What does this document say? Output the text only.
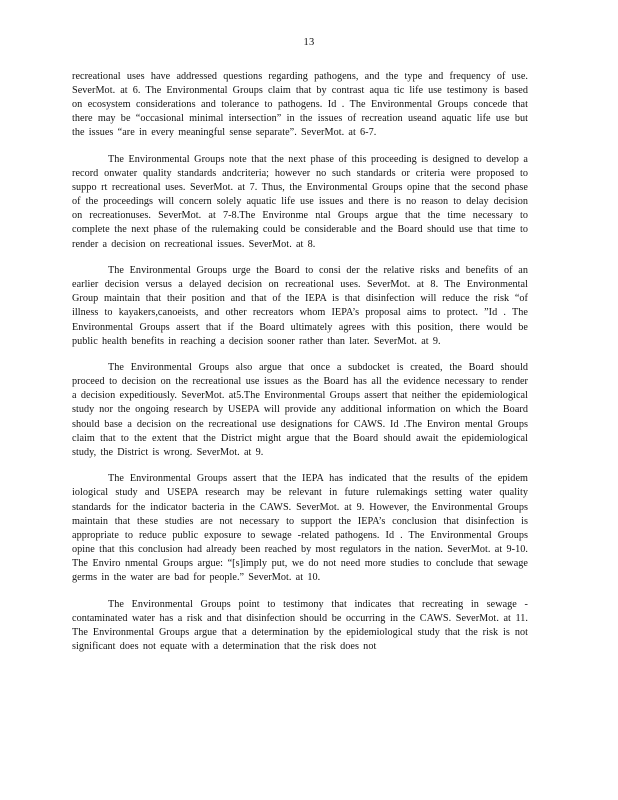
13

recreational uses have addressed questions regarding pathogens, and the type and frequency of use. SeverMot. at 6. The Environmental Groups claim that by contrast aqua tic life use testimony is based on ecosystem considerations and tolerance to pathogens. Id . The Environmental Groups concede that there may be “occasional minimal intersection” in the issues of recreation useand aquatic life use but the issues “are in every meaningful sense separate”. SeverMot. at 6-7.

The Environmental Groups note that the next phase of this proceeding is designed to develop a record onwater quality standards andcriteria; however no such standards or criteria were proposed to suppo rt recreational uses. SeverMot. at 7. Thus, the Environmental Groups opine that the second phase of the proceedings will concern solely aquatic life use issues and there is no reason to delay decision on recreationuses. SeverMot. at 7-8.The Environme ntal Groups argue that the time necessary to complete the next phase of the rulemaking could be considerable and the Board should use that time to render a decision on recreational issues. SeverMot. at 8.

The Environmental Groups urge the Board to consi der the relative risks and benefits of an earlier decision versus a delayed decision on recreational uses. SeverMot. at 8. The Environmental Group maintain that their position and that of the IEPA is that disinfection will reduce the risk “of illness to kayakers,canoeists, and other recreators whom IEPA’s proposal aims to protect. ”Id . The Environmental Groups assert that if the Board ultimately agrees with this position, there would be public health benefits in reaching a decision sooner rather than later. SeverMot. at 9.

The Environmental Groups also argue that once a subdocket is created, the Board should proceed to decision on the recreational use issues as the Board has all the evidence necessary to render a decision expeditiously. SeverMot. at5.The Environmental Groups assert that neither the epidemiological study nor the ongoing research by USEPA will provide any additional information on which the Board should base a decision on the recreational use designations for CAWS. Id .The Environ mental Groups claim that to the extent that the District might argue that the Board should await the epidemiological study, the District is wrong. SeverMot. at 9.

The Environmental Groups assert that the IEPA has indicated that the results of the epidem iological study and USEPA research may be relevant in future rulemakings setting water quality standards for the indicator bacteria in the CAWS. SeverMot. at 9. However, the Environmental Groups maintain that these studies are not necessary to support the IEPA’s conclusion that disinfection is appropriate to reduce public exposure to sewage -related pathogens. Id . The Environmental Groups opine that this conclusion had already been reached by most regulators in the nation. SeverMot. at 9-10. The Enviro nmental Groups argue: “[s]imply put, we do not need more studies to conclude that sewage germs in the water are bad for people.” SeverMot. at 10.

The Environmental Groups point to testimony that indicates that recreating in sewage - contaminated water has a risk and that disinfection should be occurring in the CAWS. SeverMot. at 11. The Environmental Groups argue that a determination by the epidemiological study that the risk is not significant does not equate with a determination that the risk does not
